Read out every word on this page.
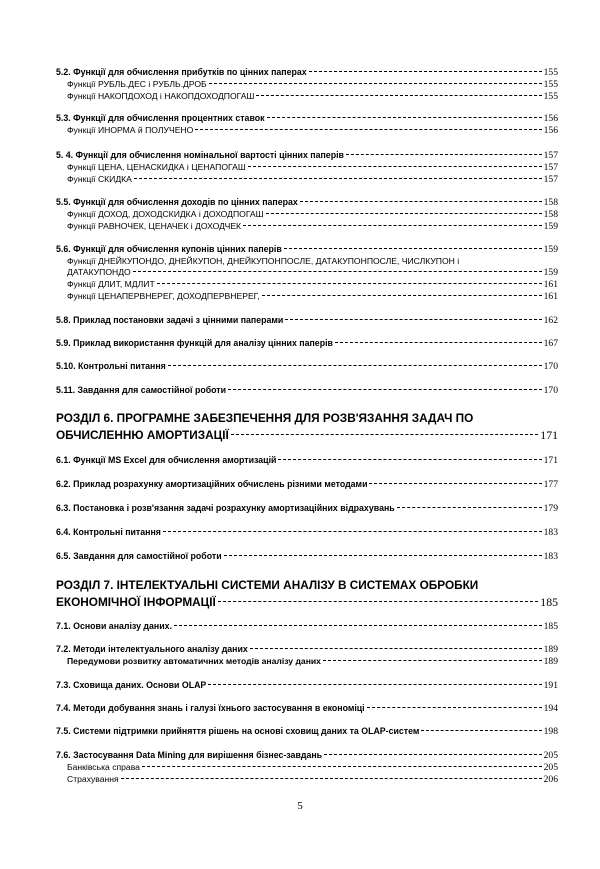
5.2. Функції для обчислення прибутків по цінних паперах	155
Функції РУБЛЬ.ДЕС і РУБЛЬ.ДРОБ	155
Функції НАКОПДОХОД і НАКОПДОХОДПОГАШ	155
5.3. Функції для обчислення процентних ставок	156
Функції ИНОРМА й ПОЛУЧЕНО	156
5. 4. Функції для обчислення номінальної вартості цінних паперів	157
Функції ЦЕНА, ЦЕНАСКИДКА і ЦЕНАПОГАШ	157
Функції СКИДКА	157
5.5. Функції для обчислення доходів по цінних паперах	158
Функції ДОХОД, ДОХОДСКИДКА і ДОХОДПОГАШ	158
Функції РАВНОЧЕК, ЦЕНАЧЕК і ДОХОДЧЕК	159
5.6. Функції для обчислення купонів цінних паперів	159
Функції ДНЕЙКУПОНДО, ДНЕЙКУПОН, ДНЕЙКУПОНПОСЛЕ, ДАТАКУПОНПОСЛЕ, ЧИСЛКУПОН і
ДАТАКУПОНДО	159
Функції ДЛИТ, МДЛИТ	161
Функції ЦЕНАПЕРВНЕРЕГ, ДОХОДПЕРВНЕРЕГ,	161
5.8. Приклад постановки задачі з цінними паперами	162
5.9. Приклад використання функцій для аналізу цінних паперів	167
5.10. Контрольні питання	170
5.11. Завдання для самостійної роботи	170
РОЗДІЛ 6. ПРОГРАМНЕ ЗАБЕЗПЕЧЕННЯ ДЛЯ РОЗВ'ЯЗАННЯ ЗАДАЧ ПО
ОБЧИСЛЕННЮ АМОРТИЗАЦІЇ	171
6.1. Функції MS Excel для обчислення амортизацій	171
6.2. Приклад розрахунку амортизаційних обчислень різними методами	177
6.3. Постановка і розв'язання задачі розрахунку амортизаційних відрахувань	179
6.4. Контрольні питання	183
6.5. Завдання для самостійної роботи	183
РОЗДІЛ 7. ІНТЕЛЕКТУАЛЬНІ СИСТЕМИ АНАЛІЗУ В СИСТЕМАХ ОБРОБКИ
ЕКОНОМІЧНОЇ ІНФОРМАЦІЇ	185
7.1. Основи аналізу даних.	185
7.2. Методи інтелектуального аналізу даних	189
Передумови розвитку автоматичних методів аналізу даних	189
7.3. Сховища даних. Основи OLAP	191
7.4. Методи добування знань і галузі їхнього застосування в економіці	194
7.5. Системи підтримки прийняття рішень на основі сховищ даних та OLAP-систем	198
7.6. Застосування Data Mining для вирішення бізнес-завдань	205
Банківська справа	205
Страхування	206
5
